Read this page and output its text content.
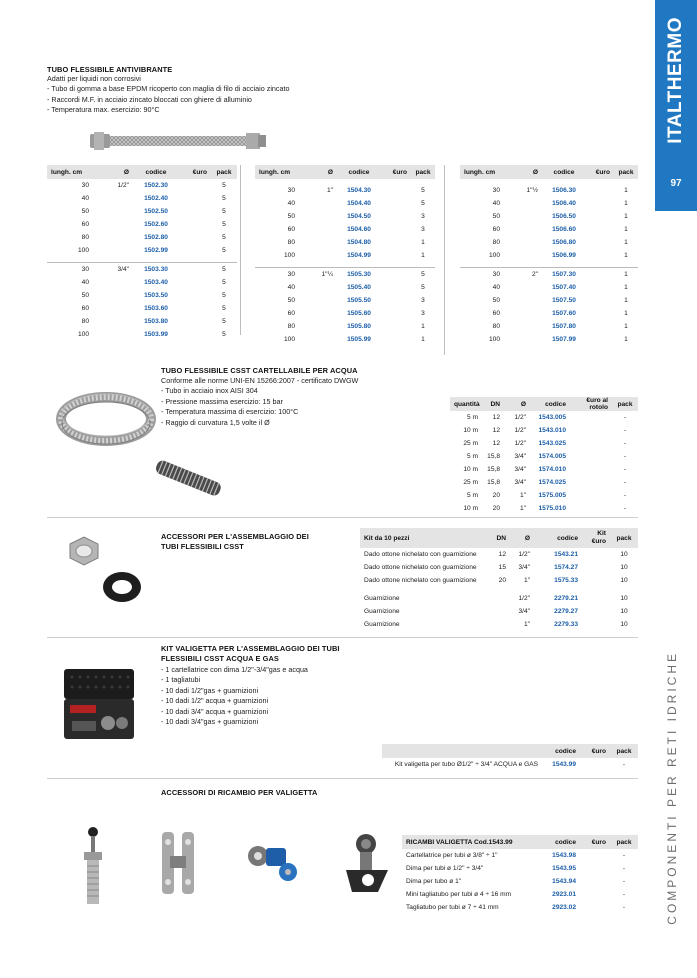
ITALTHERMO
97
COMPONENTI PER RETI IDRICHE
TUBO FLESSIBILE ANTIVIBRANTE
Adatti per liquidi non corrosivi
- Tubo di gomma a base EPDM ricoperto con maglia di filo di acciaio zincato
- Raccordi M.F. in acciaio zincato bloccati con ghiere di alluminio
- Temperatura max. esercizio: 90°C
lungh. cm	Ø	codice	€uro	pack
30	1/2"	1502.30		5
40		1502.40		5
50		1502.50		5
60		1502.60		5
80		1502.80		5
100		1502.99		5

30	3/4"	1503.30		5
40		1503.40		5
50		1503.50		5
60		1503.60		5
80		1503.80		5
100		1503.99		5
lungh. cm	Ø	codice	€uro	pack

30	1"	1504.30		5
40		1504.40		5
50		1504.50		3
60		1504.60		3
80		1504.80		1
100		1504.99		1

30	1"¼	1505.30		5
40		1505.40		5
50		1505.50		3
60		1505.60		3
80		1505.80		1
100		1505.99		1
lungh. cm	Ø	codice	€uro	pack

30	1"½	1506.30		1
40		1506.40		1
50		1506.50		1
60		1506.60		1
80		1506.80		1
100		1506.99		1

30	2"	1507.30		1
40		1507.40		1
50		1507.50		1
60		1507.60		1
80		1507.80		1
100		1507.99		1
TUBO FLESSIBILE CSST CARTELLABILE PER ACQUA
Conforme alle norme UNI-EN 15266:2007 - certificato DWGW
- Tubo in acciaio inox AISI 304
- Pressione massima esercizio: 15 bar
- Temperatura massima di esercizio: 100°C
- Raggio di curvatura 1,5 volte il Ø
quantità	DN	Ø	codice	€uro al rotolo	pack
5 m	12	1/2"	1543.005		-
10 m	12	1/2"	1543.010		-
25 m	12	1/2"	1543.025		-
5 m	15,8	3/4"	1574.005		-
10 m	15,8	3/4"	1574.010		-
25 m	15,8	3/4"	1574.025		-
5 m	20	1"	1575.005		-
10 m	20	1"	1575.010		-
ACCESSORI PER L'ASSEMBLAGGIO DEI
TUBI FLESSIBILI CSST
Kit da 10 pezzi	DN	Ø	codice	Kit €uro	pack
Dado ottone nichelato con guarnizione	12	1/2"	1543.21		10
Dado ottone nichelato con guarnizione	15	3/4"	1574.27		10
Dado ottone nichelato con guarnizione	20	1"	1575.33		10

Guarnizione		1/2"	2279.21		10
Guarnizione		3/4"	2279.27		10
Guarnizione		1"	2279.33		10
KIT VALIGETTA PER L'ASSEMBLAGGIO DEI TUBI
FLESSIBILI CSST ACQUA E GAS
- 1 cartellatrice con dima 1/2"-3/4"gas e acqua
- 1 tagliatubi
- 10 dadi 1/2"gas + guarnizioni
- 10 dadi 1/2" acqua + guarnizioni
- 10 dadi 3/4" acqua + guarnizioni
- 10 dadi 3/4"gas + guarnizioni
	codice	€uro	pack
Kit valigetta per tubo Ø1/2" ÷ 3/4" ACQUA e GAS	1543.99		-
ACCESSORI DI RICAMBIO PER VALIGETTA
RICAMBI VALIGETTA Cod.1543.99	codice	€uro	pack
Cartellatrice per tubi ø 3/8" ÷ 1"	1543.98		-
Dima per tubi ø 1/2" ÷ 3/4"	1543.95		-
Dima per tubo ø 1"	1543.94		-
Mini tagliatubo per tubi ø 4 ÷ 16 mm	2923.01		-
Tagliatubo per tubi ø 7 ÷ 41 mm	2923.02		-
